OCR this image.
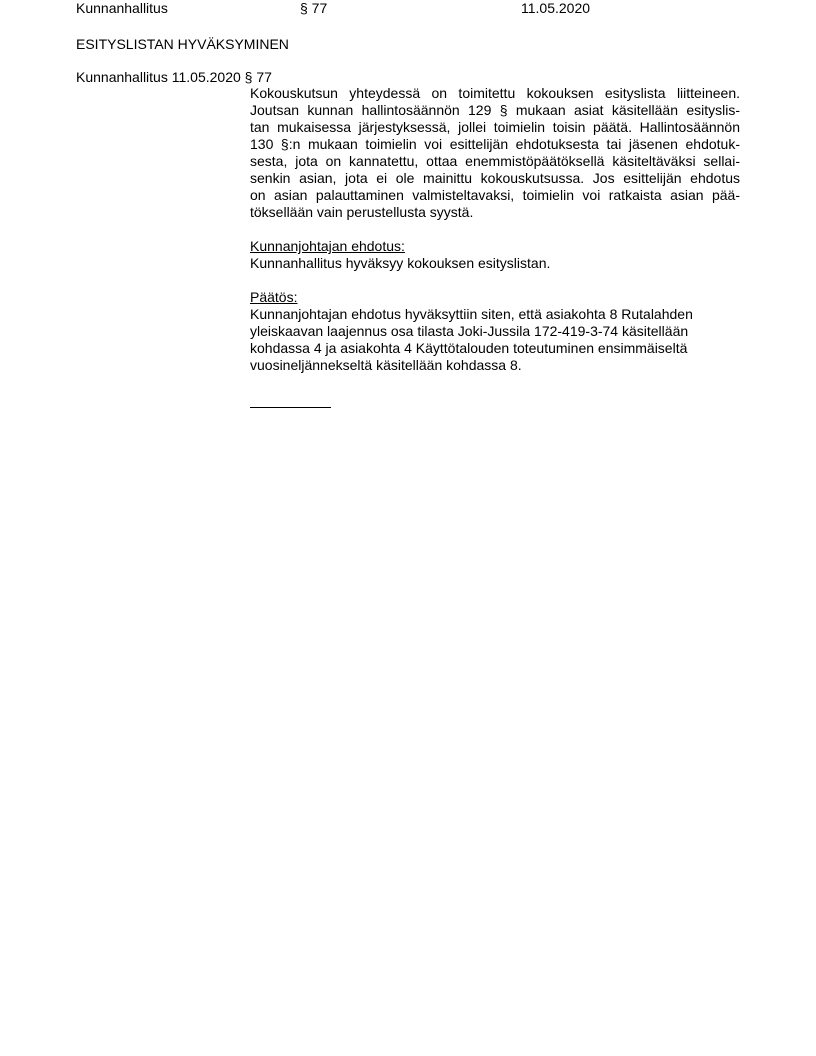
Kunnanhallitus	§ 77	11.05.2020
ESITYSLISTAN HYVÄKSYMINEN
Kunnanhallitus 11.05.2020 § 77
Kokouskutsun yhteydessä on toimitettu kokouksen esityslista liitteineen.
Joutsan kunnan hallintosäännön 129 § mukaan asiat käsitellään esityslis-
tan mukaisessa järjestyksessä, jollei toimielin toisin päätä. Hallintosäännön
130 §:n mukaan toimielin voi esittelijän ehdotuksesta tai jäsenen ehdotuk-
sesta, jota on kannatettu, ottaa enemmistöpäätöksellä käsiteltäväksi sellai-
senkin asian, jota ei ole mainittu kokouskutsussa. Jos esittelijän ehdotus
on asian palauttaminen valmisteltavaksi, toimielin voi ratkaista asian pää-
töksellään vain perustellusta syystä.
Kunnanjohtajan ehdotus:
Kunnanhallitus hyväksyy kokouksen esityslistan.
Päätös:
Kunnanjohtajan ehdotus hyväksyttiin siten, että asiakohta 8 Rutalahden
yleiskaavan laajennus osa tilasta Joki-Jussila 172-419-3-74 käsitellään
kohdassa 4 ja asiakohta 4 Käyttötalouden toteutuminen ensimmäiseltä
vuosineljännekseltä käsitellään kohdassa 8.
